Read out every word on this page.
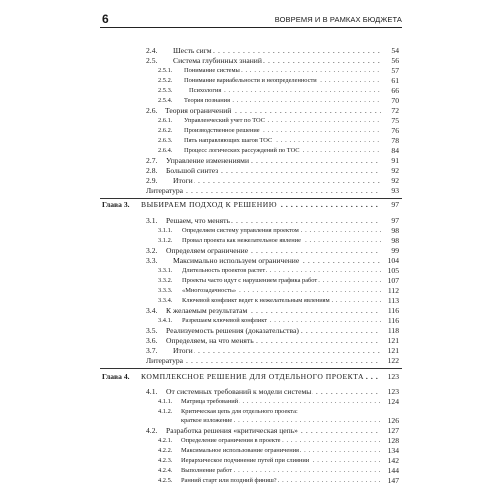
6	ВОВРЕМЯ И В РАМКАХ БЮДЖЕТА
2.4. Шесть сигм . . .	54
2.5. Система глубинных знаний . . .	56
2.5.1. Понимание системы . . .	57
2.5.2. Понимание вариабельности и неопределенности . . .	61
2.5.3.	Психология . . .	66
2.5.4. Теория познания . . .	70
2.6. Теория ограничений . . .	72
2.6.1. Управленческий учет по ТОС . . .	75
2.6.2. Производственное решение . . .	76
2.6.3. Пять направляющих шагов ТОС . . .	78
2.6.4. Процесс логических рассуждений по ТОС . . .	84
2.7. Управление изменениями . . .	91
2.8. Большой синтез . . .	92
2.9. Итоги . . .	92
Литература . . .	93
Глава 3. ВЫБИРАЕМ ПОДХОД К РЕШЕНИЮ . . .	97
3.1. Решаем, что менять . . .	97
3.1.1. Определяем систему управления проектом . . .	98
3.1.2. Провал проекта как нежелательное явление . . .	98
3.2. Определяем ограничение . . .	99
3.3. Максимально используем ограничение . . .	104
3.3.1. Длительность проектов растет . . .	105
3.3.2. Проекты часто идут с нарушением графика работ . . .	107
3.3.3. «Многозадачность» . . .	112
3.3.4. Ключевой конфликт ведет к нежелательным явлениям . . .	113
3.4. К желаемым результатам . . .	116
3.4.1. Разрешаем ключевой конфликт . . .	116
3.5. Реализуемость решения (доказательства) . . .	118
3.6. Определяем, на что менять . . .	121
3.7. Итоги . . .	121
Литература . . .	122
Глава 4. КОМПЛЕКСНОЕ РЕШЕНИЕ ДЛЯ ОТДЕЛЬНОГО ПРОЕКТА . . .	123
4.1. От системных требований к модели системы . . .	123
4.1.1. Матрица требований . . .	124
4.1.2. Критическая цепь для отдельного проекта:
краткое изложение . . .	126
4.2. Разработка решения «критическая цепь» . . .	127
4.2.1. Определение ограничения в проекте . . .	128
4.2.2. Максимальное использование ограничения . . .	134
4.2.3. Иерархическое подчинение путей при слиянии . . .	142
4.2.4. Выполнение работ . . .	144
4.2.5. Ранний старт или поздний финиш? . . .	147
